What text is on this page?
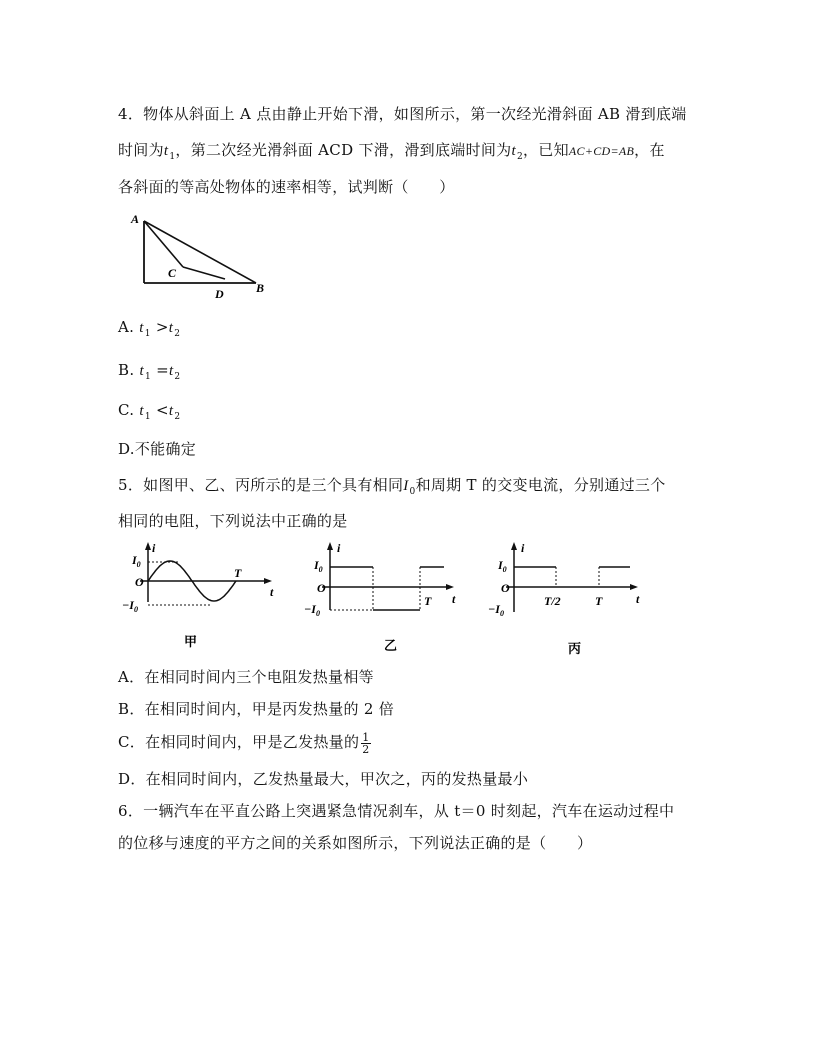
4．物体从斜面上 A 点由静止开始下滑，如图所示，第一次经光滑斜面 AB 滑到底端
时间为$t_1$，第二次经光滑斜面 ACD 下滑，滑到底端时间为$t_2$，已知AC+CD=AB，在
各斜面的等高处物体的速率相等，试判断（　　）
A
C
D	B
A. $t_1 >t_2$
B. $t_1 =t_2$
C. $t_1 <t_2$
D.不能确定
5．如图甲、乙、丙所示的是三个具有相同$I_0$和周期 T 的交变电流，分别通过三个
相同的电阻，下列说法中正确的是
$I_0$
i
O
$-I_0$
T
t
甲
$I_0$
i
O
$-I_0$
T t
乙
$I_0$
i
O
$-I_0$
T/2	T	t
丙
A．在相同时间内三个电阻发热量相等
B．在相同时间内，甲是丙发热量的 2 倍
C．在相同时间内，甲是乙发热量的 $\frac{1}{2}$
D．在相同时间内，乙发热量最大，甲次之，丙的发热量最小
6．一辆汽车在平直公路上突遇紧急情况刹车，从 t＝0 时刻起，汽车在运动过程中
的位移与速度的平方之间的关系如图所示，下列说法正确的是（　　）
